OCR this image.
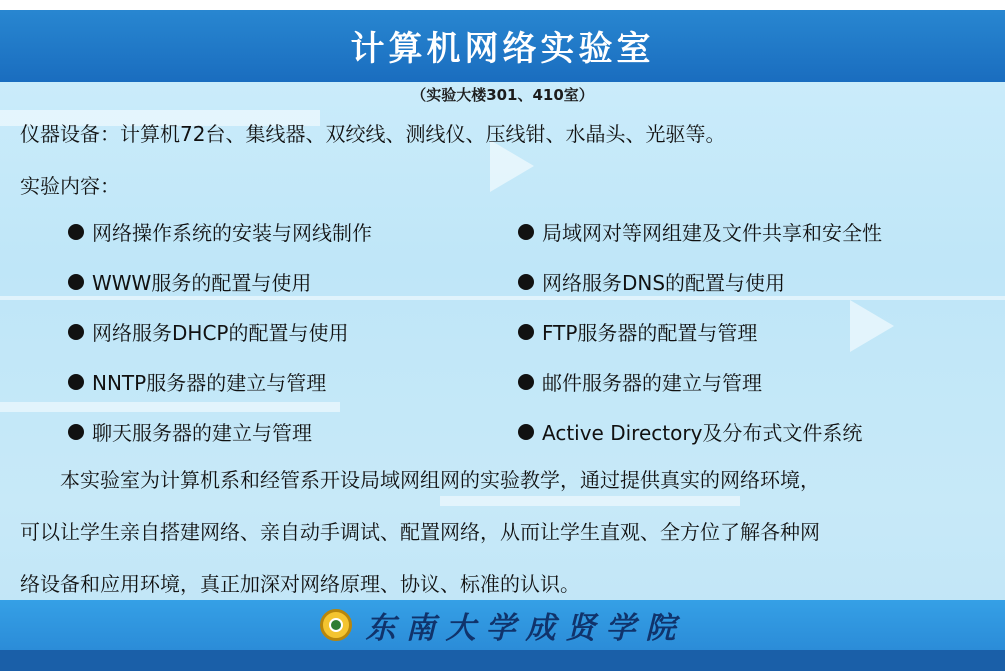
计算机网络实验室
（实验大楼301、410室）
仪器设备：计算机72台、集线器、双绞线、测线仪、压线钳、水晶头、光驱等。
实验内容：
网络操作系统的安装与网线制作
WWW服务的配置与使用
网络服务DHCP的配置与使用
NNTP服务器的建立与管理
聊天服务器的建立与管理
局域网对等网组建及文件共享和安全性
网络服务DNS的配置与使用
FTP服务器的配置与管理
邮件服务器的建立与管理
Active Directory及分布式文件系统
　　本实验室为计算机系和经管系开设局域网组网的实验教学，通过提供真实的网络环境，
可以让学生亲自搭建网络、亲自动手调试、配置网络，从而让学生直观、全方位了解各种网
络设备和应用环境，真正加深对网络原理、协议、标准的认识。
东南大学成贤学院
